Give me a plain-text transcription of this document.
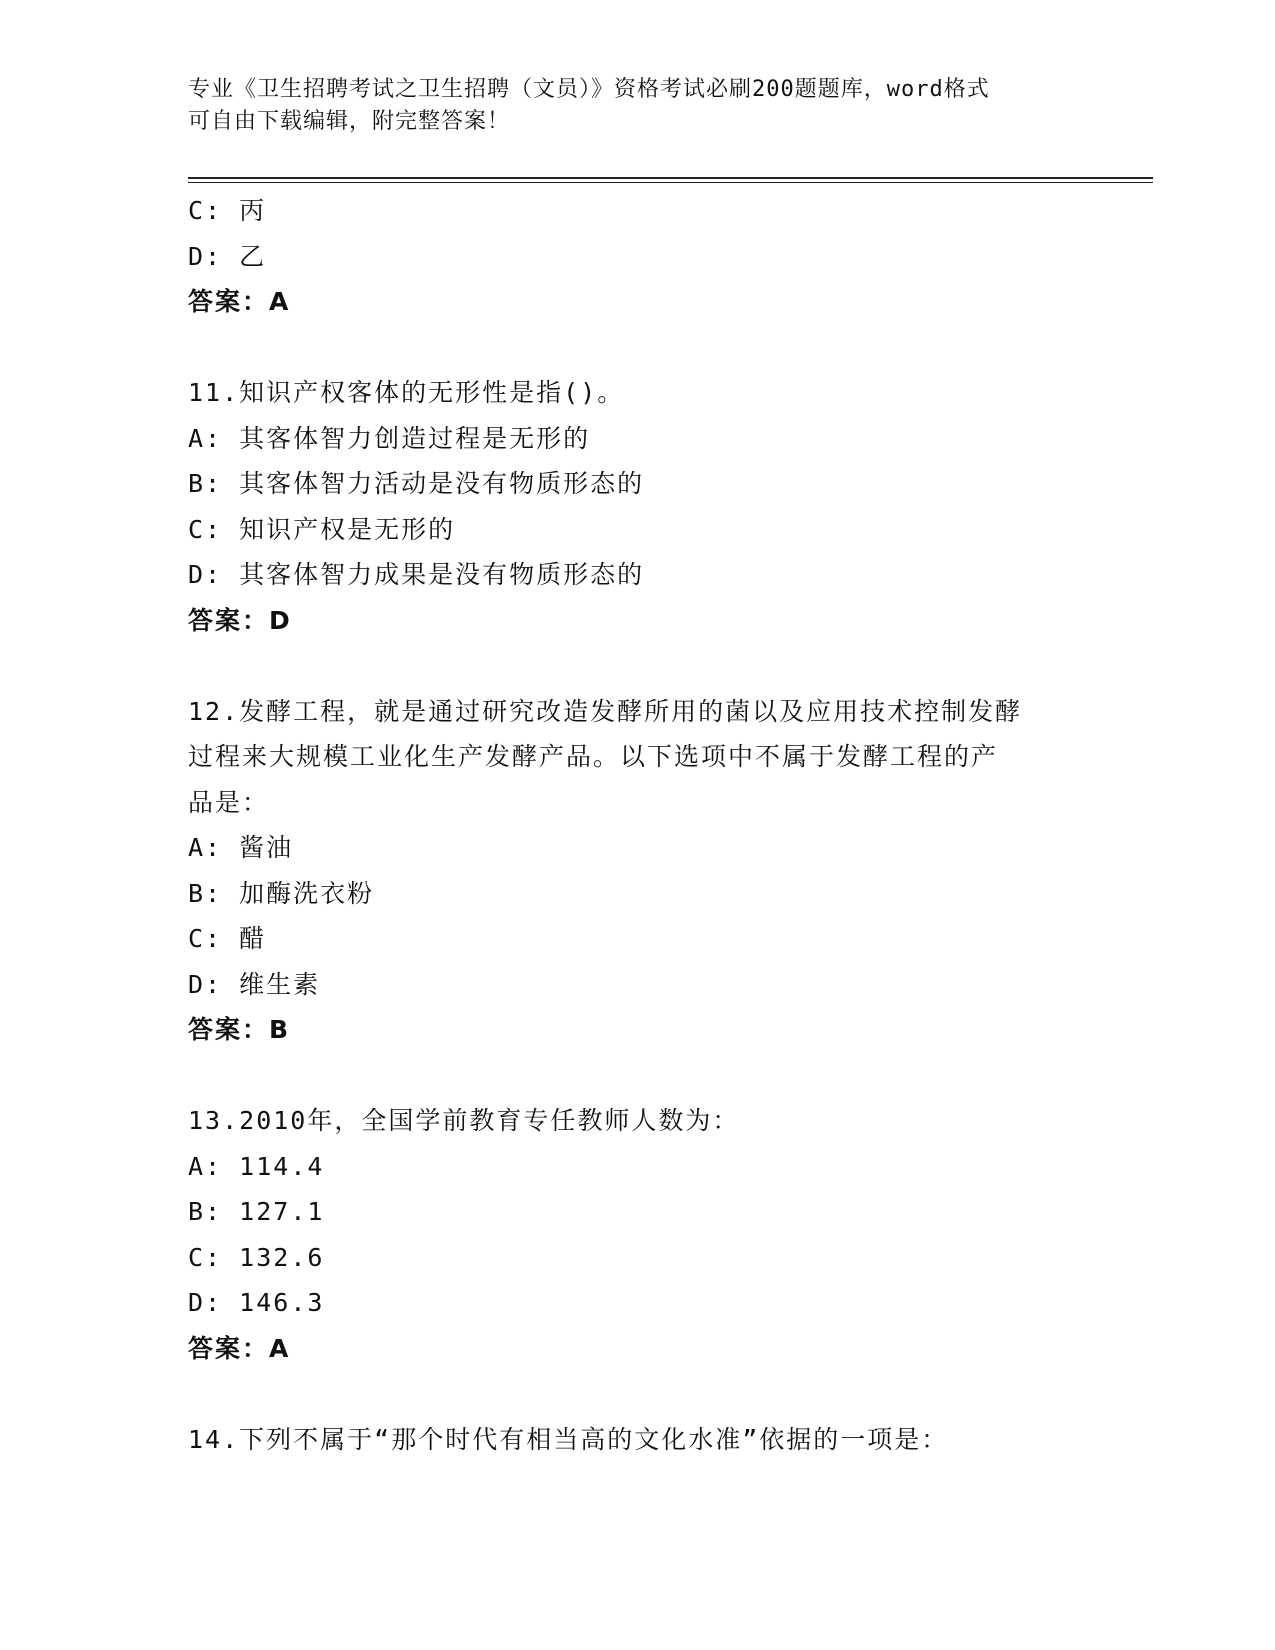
专业《卫生招聘考试之卫生招聘（文员）》资格考试必刷200题题库，word格式
可自由下载编辑，附完整答案！
C: 丙
D: 乙
答案：A
11.知识产权客体的无形性是指()。
A: 其客体智力创造过程是无形的
B: 其客体智力活动是没有物质形态的
C: 知识产权是无形的
D: 其客体智力成果是没有物质形态的
答案：D
12.发酵工程，就是通过研究改造发酵所用的菌以及应用技术控制发酵
过程来大规模工业化生产发酵产品。以下选项中不属于发酵工程的产
品是：
A: 酱油
B: 加酶洗衣粉
C: 醋
D: 维生素
答案：B
13.2010年，全国学前教育专任教师人数为：
A: 114.4
B: 127.1
C: 132.6
D: 146.3
答案：A
14.下列不属于“那个时代有相当高的文化水准”依据的一项是：
